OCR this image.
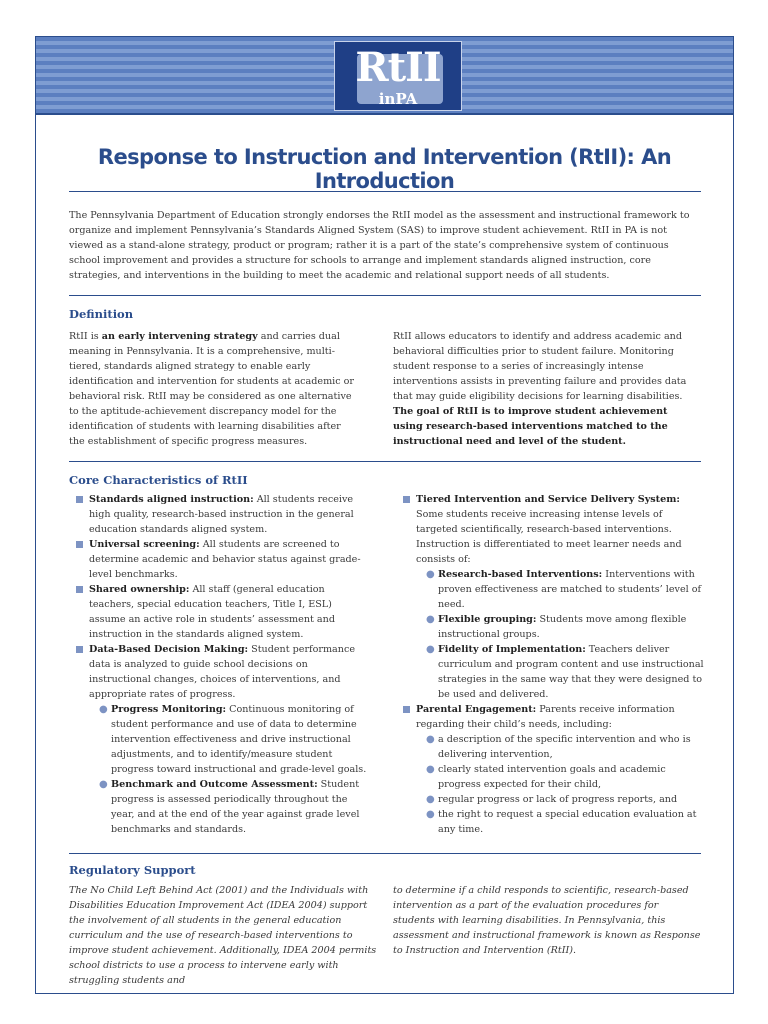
RtII
inPA
Response to Instruction and Intervention (RtII): An Introduction

The Pennsylvania Department of Education strongly endorses the RtII model as the assessment and instructional framework to organize and implement Pennsylvania’s Standards Aligned System (SAS) to improve student achievement. RtII in PA is not viewed as a stand-alone strategy, product or program; rather it is a part of the state’s comprehensive system of continuous school improvement and provides a structure for schools to arrange and implement standards aligned instruction, core strategies, and interventions in the building to meet the academic and relational support needs of all students.

Definition

RtII is an early intervening strategy and carries dual meaning in Pennsylvania. It is a comprehensive, multi-tiered, standards aligned strategy to enable early identification and intervention for students at academic or behavioral risk. RtII may be considered as one alternative to the aptitude-achievement discrepancy model for the identification of students with learning disabilities after the establishment of specific progress measures.

RtII allows educators to identify and address academic and behavioral difficulties prior to student failure. Monitoring student response to a series of increasingly intense interventions assists in preventing failure and provides data that may guide eligibility decisions for learning disabilities.
The goal of RtII is to improve student achievement using research-based interventions matched to the instructional need and level of the student.
Core Characteristics of RtII
Standards aligned instruction: All students receive high quality, research-based instruction in the general education standards aligned system.
Universal screening: All students are screened to determine academic and behavior status against grade-level benchmarks.
Shared ownership: All staff (general education teachers, special education teachers, Title I, ESL) assume an active role in students’ assessment and instruction in the standards aligned system.
Data-Based Decision Making: Student performance data is analyzed to guide school decisions on instructional changes, choices of interventions, and appropriate rates of progress.
● Progress Monitoring: Continuous monitoring of student performance and use of data to determine intervention effectiveness and drive instructional adjustments, and to identify/measure student progress toward instructional and grade-level goals.
● Benchmark and Outcome Assessment: Student progress is assessed periodically throughout the year, and at the end of the year against grade level benchmarks and standards.
Tiered Intervention and Service Delivery System: Some students receive increasing intense levels of targeted scientifically, research-based interventions. Instruction is differentiated to meet learner needs and consists of:
● Research-based Interventions: Interventions with proven effectiveness are matched to students’ level of need.
● Flexible grouping: Students move among flexible instructional groups.
● Fidelity of Implementation: Teachers deliver curriculum and program content and use instructional strategies in the same way that they were designed to be used and delivered.
Parental Engagement: Parents receive information regarding their child’s needs, including:
● a description of the specific intervention and who is delivering intervention,
● clearly stated intervention goals and academic progress expected for their child,
● regular progress or lack of progress reports, and
● the right to request a special education evaluation at any time.
Regulatory Support

The No Child Left Behind Act (2001) and the Individuals with Disabilities Education Improvement Act (IDEA 2004) support the involvement of all students in the general education curriculum and the use of research-based interventions to improve student achievement. Additionally, IDEA 2004 permits school districts to use a process to intervene early with struggling students and

to determine if a child responds to scientific, research-based intervention as a part of the evaluation procedures for students with learning disabilities. In Pennsylvania, this assessment and instructional framework is known as Response to Instruction and Intervention (RtII).
